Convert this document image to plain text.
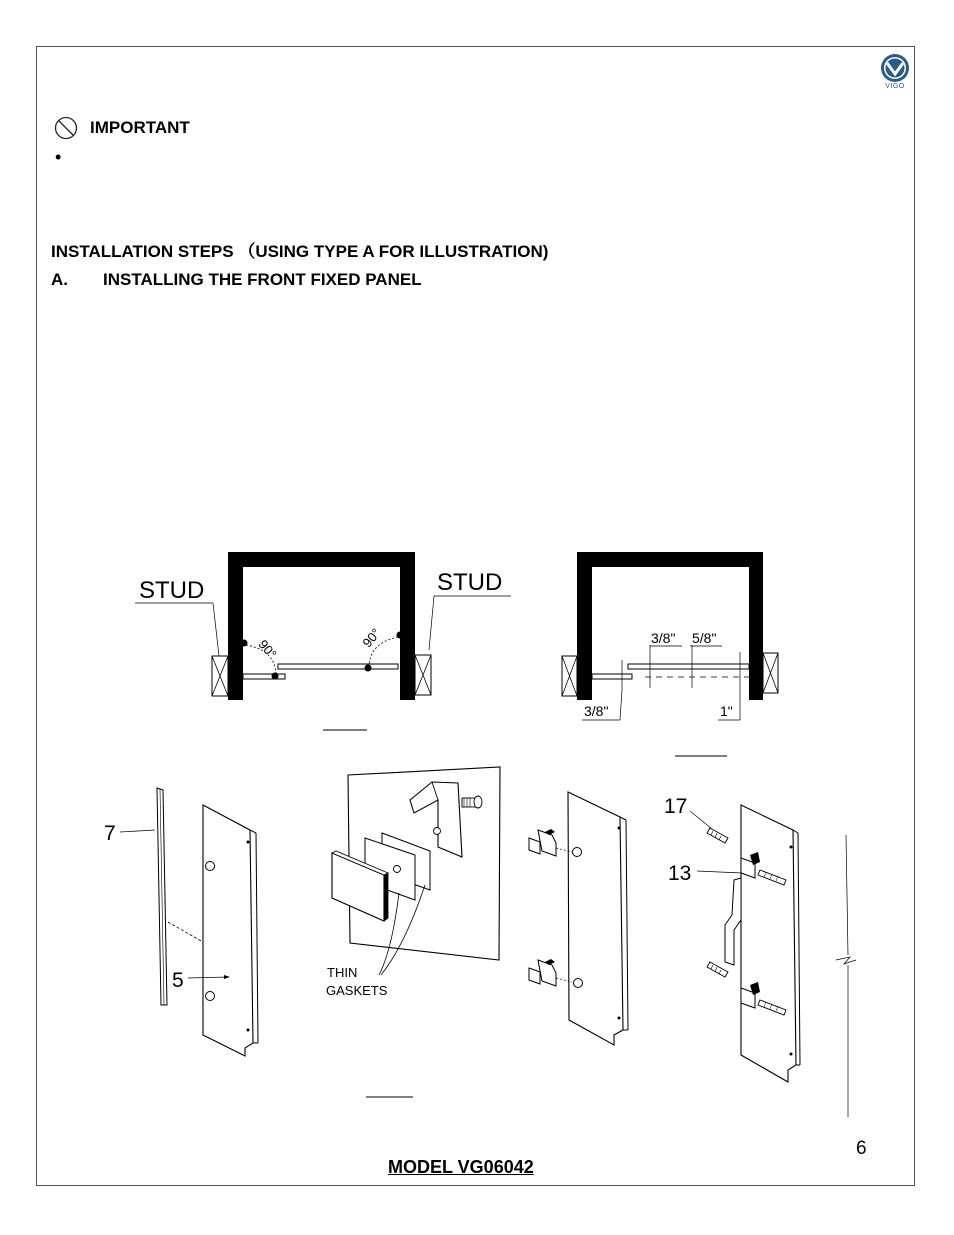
VIGO
IMPORTANT
•
INSTALLATION STEPS （USING TYPE A FOR ILLUSTRATION)
A.	INSTALLING THE FRONT FIXED PANEL
90°	90°
STUD	STUD
3/8" 5/8"
3/8"	1"
7
5	THIN
GASKETS
17
13
MODEL VG06042
6
